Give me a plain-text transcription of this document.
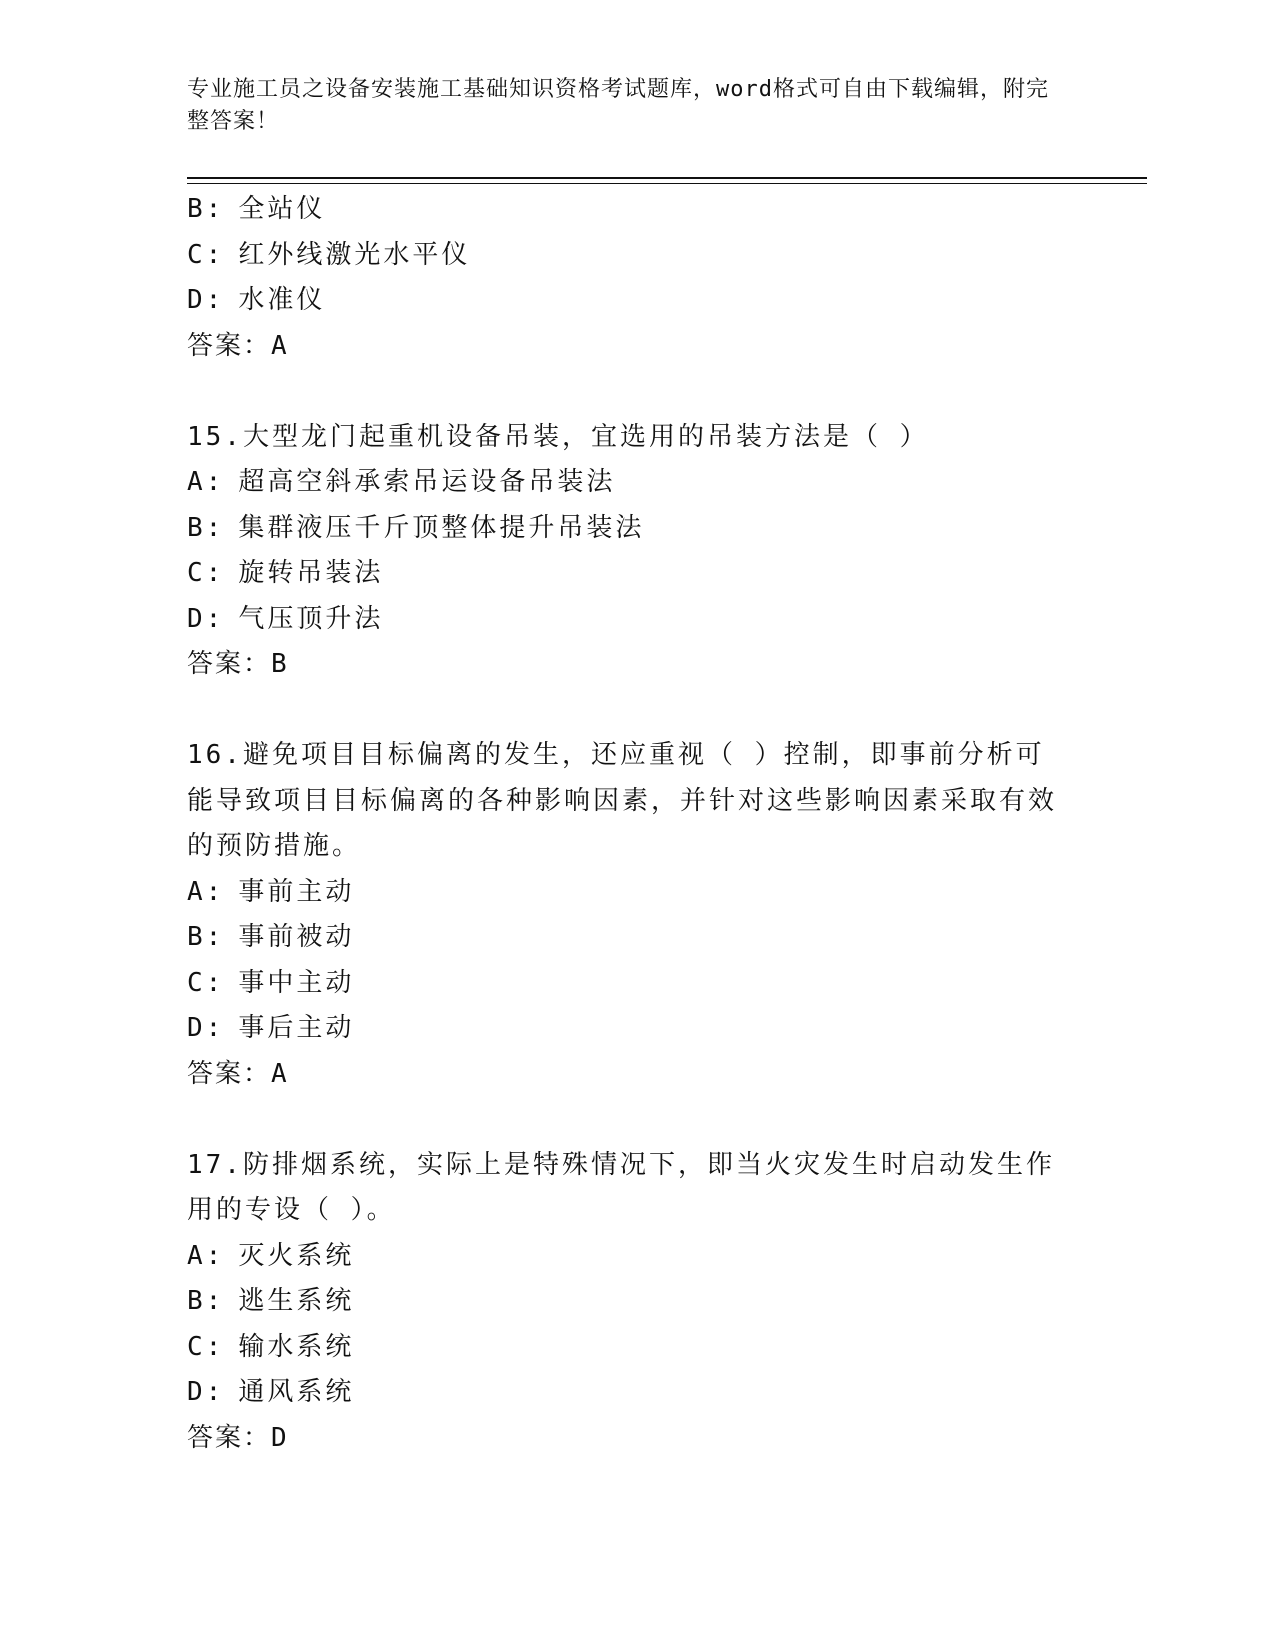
专业施工员之设备安装施工基础知识资格考试题库，word格式可自由下载编辑，附完整答案！
B: 全站仪
C: 红外线激光水平仪
D: 水准仪
答案：A
15.大型龙门起重机设备吊装，宜选用的吊装方法是（ ）
A: 超高空斜承索吊运设备吊装法
B: 集群液压千斤顶整体提升吊装法
C: 旋转吊装法
D: 气压顶升法
答案：B
16.避免项目目标偏离的发生，还应重视（ ）控制，即事前分析可能导致项目目标偏离的各种影响因素，并针对这些影响因素采取有效的预防措施。
A: 事前主动
B: 事前被动
C: 事中主动
D: 事后主动
答案：A
17.防排烟系统，实际上是特殊情况下，即当火灾发生时启动发生作用的专设（ ）。
A: 灭火系统
B: 逃生系统
C: 输水系统
D: 通风系统
答案：D
